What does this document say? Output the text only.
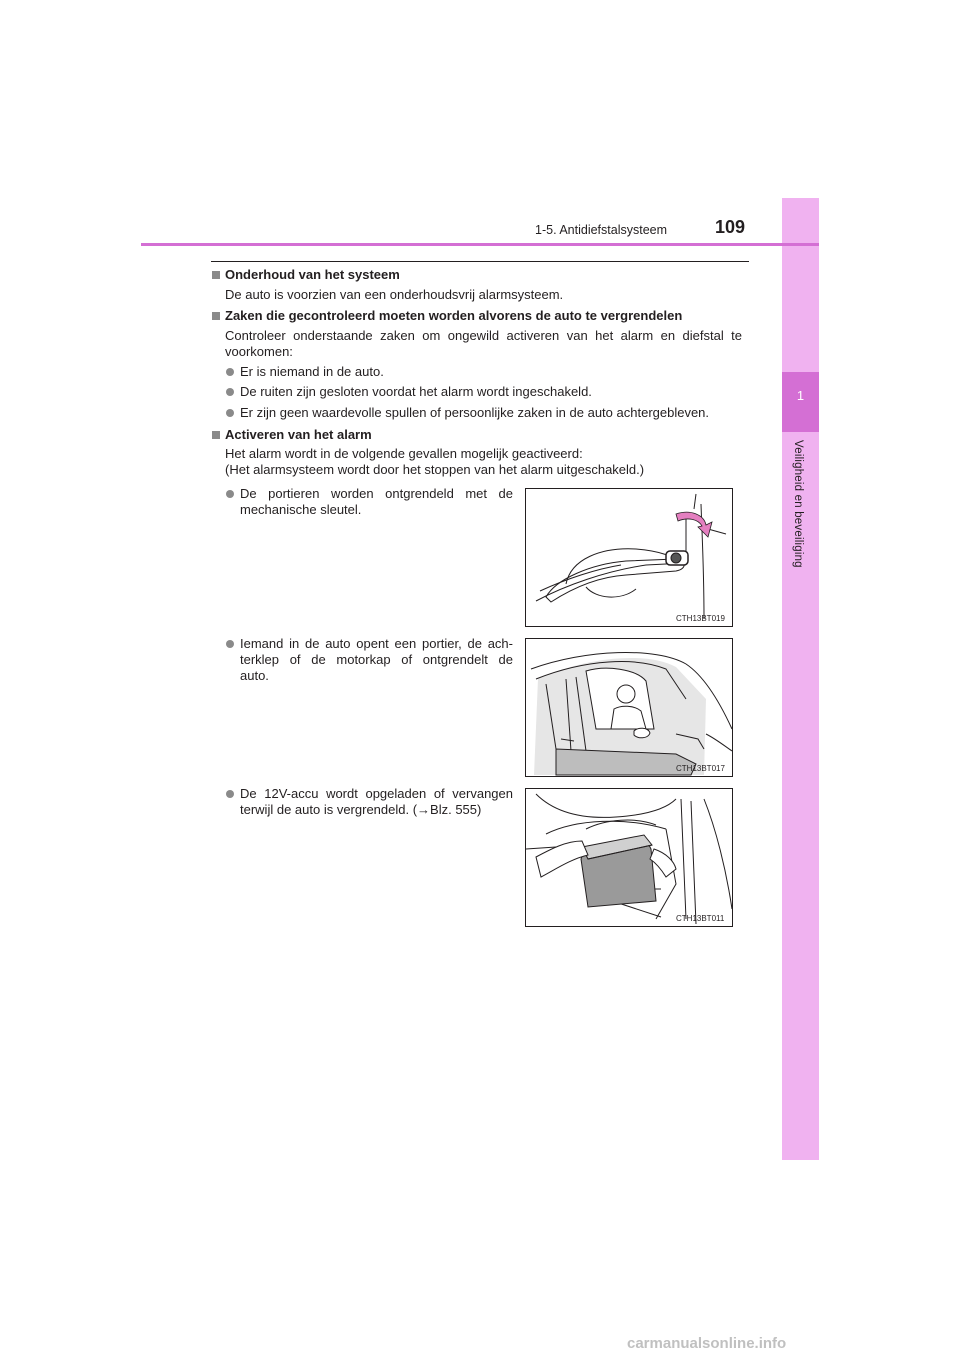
1
Veiligheid en beveiliging
1-5. Antidiefstalsysteem	109
Onderhoud van het systeem
De auto is voorzien van een onderhoudsvrij alarmsysteem.
Zaken die gecontroleerd moeten worden alvorens de auto te vergrendelen
Controleer onderstaande zaken om ongewild activeren van het alarm en diefstal te
voorkomen:
Er is niemand in de auto.
De ruiten zijn gesloten voordat het alarm wordt ingeschakeld.
Er zijn geen waardevolle spullen of persoonlijke zaken in de auto achtergebleven.
Activeren van het alarm
Het alarm wordt in de volgende gevallen mogelijk geactiveerd:
(Het alarmsysteem wordt door het stoppen van het alarm uitgeschakeld.)
De portieren worden ontgrendeld met de
mechanische sleutel.
CTH13BT019
Iemand in de auto opent een portier, de ach-
terklep of de motorkap of ontgrendelt de
auto.
CTH13BT017
De 12V-accu wordt opgeladen of vervangen
terwijl de auto is vergrendeld. (→Blz. 555)
CTH13BT011
carmanualsonline.info
